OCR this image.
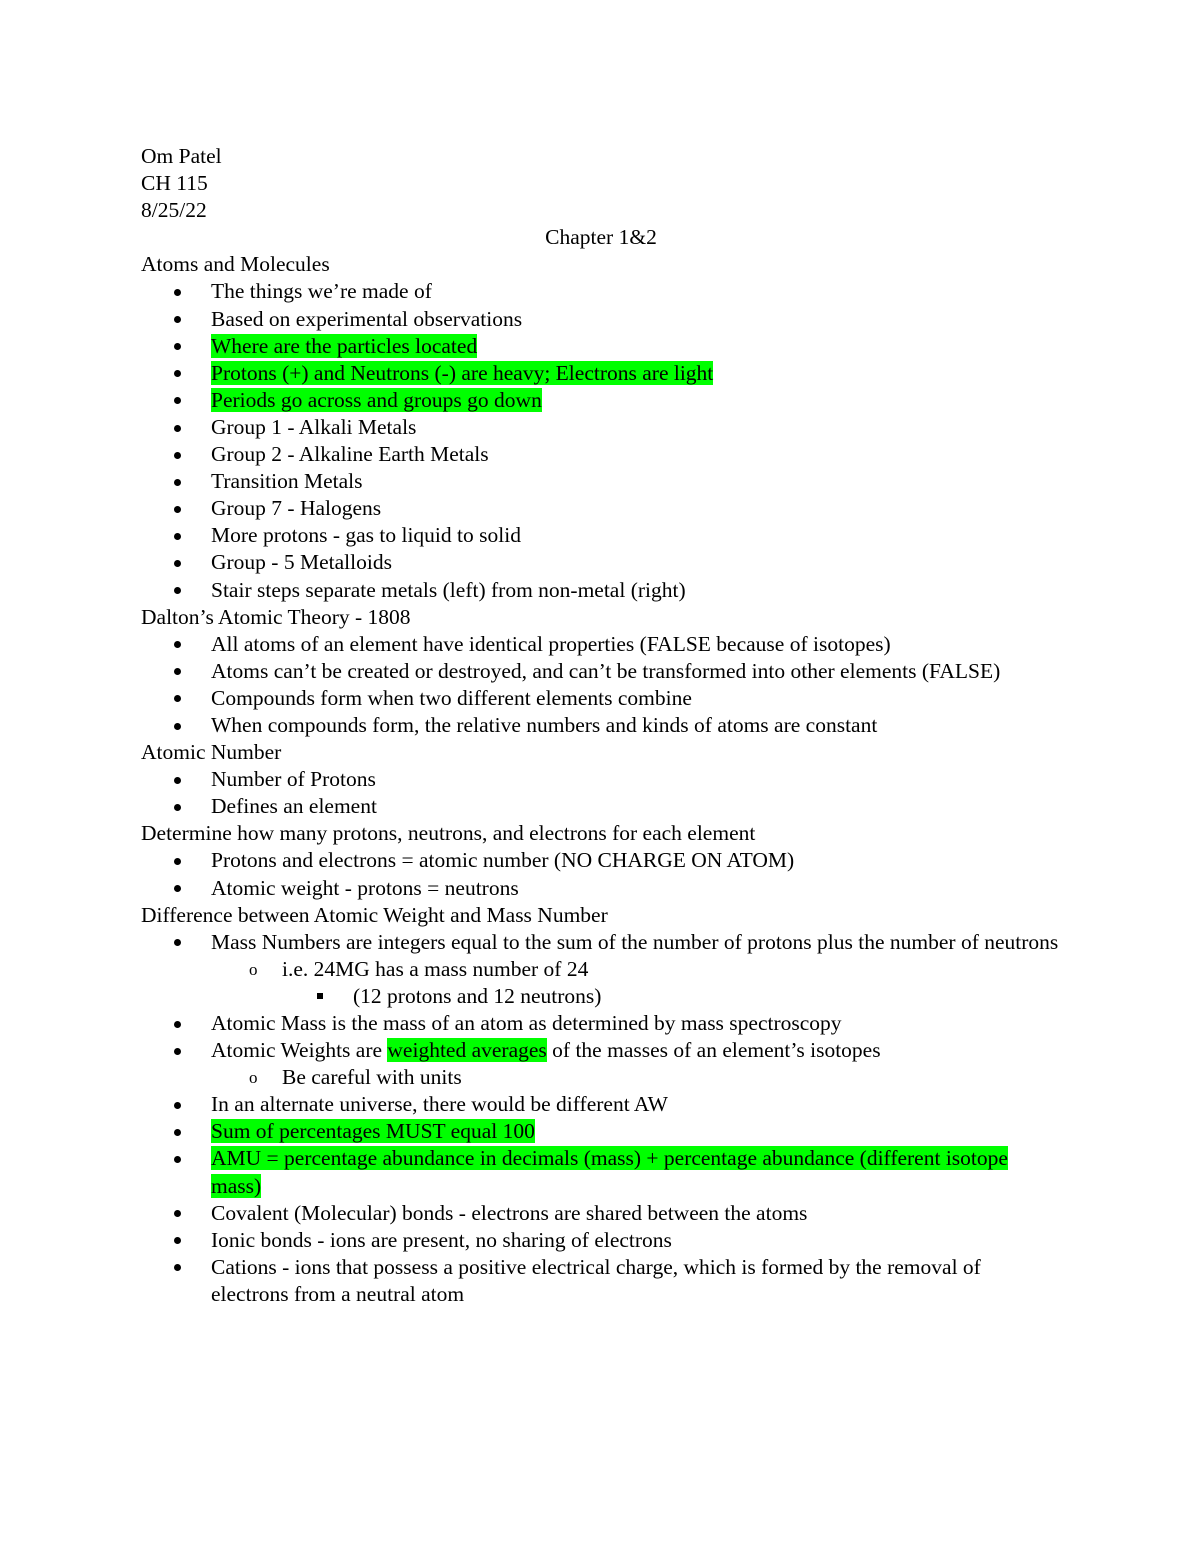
Om Patel
CH 115
8/25/22
Chapter 1&2
Atoms and Molecules
The things we’re made of
Based on experimental observations
Where are the particles located
Protons (+) and Neutrons (-) are heavy; Electrons are light
Periods go across and groups go down
Group 1 - Alkali Metals
Group 2 - Alkaline Earth Metals
Transition Metals
Group 7 - Halogens
More protons - gas to liquid to solid
Group - 5 Metalloids
Stair steps separate metals (left) from non-metal (right)
Dalton’s Atomic Theory - 1808
All atoms of an element have identical properties (FALSE because of isotopes)
Atoms can’t be created or destroyed, and can’t be transformed into other elements (FALSE)
Compounds form when two different elements combine
When compounds form, the relative numbers and kinds of atoms are constant
Atomic Number
Number of Protons
Defines an element
Determine how many protons, neutrons, and electrons for each element
Protons and electrons = atomic number (NO CHARGE ON ATOM)
Atomic weight - protons = neutrons
Difference between Atomic Weight and Mass Number
Mass Numbers are integers equal to the sum of the number of protons plus the number of neutrons
o i.e. 24MG has a mass number of 24
(12 protons and 12 neutrons)
Atomic Mass is the mass of an atom as determined by mass spectroscopy
Atomic Weights are weighted averages of the masses of an element’s isotopes
o Be careful with units
In an alternate universe, there would be different AW
Sum of percentages MUST equal 100
AMU = percentage abundance in decimals (mass) + percentage abundance (different isotope mass)
Covalent (Molecular) bonds - electrons are shared between the atoms
Ionic bonds - ions are present, no sharing of electrons
Cations - ions that possess a positive electrical charge, which is formed by the removal of electrons from a neutral atom
